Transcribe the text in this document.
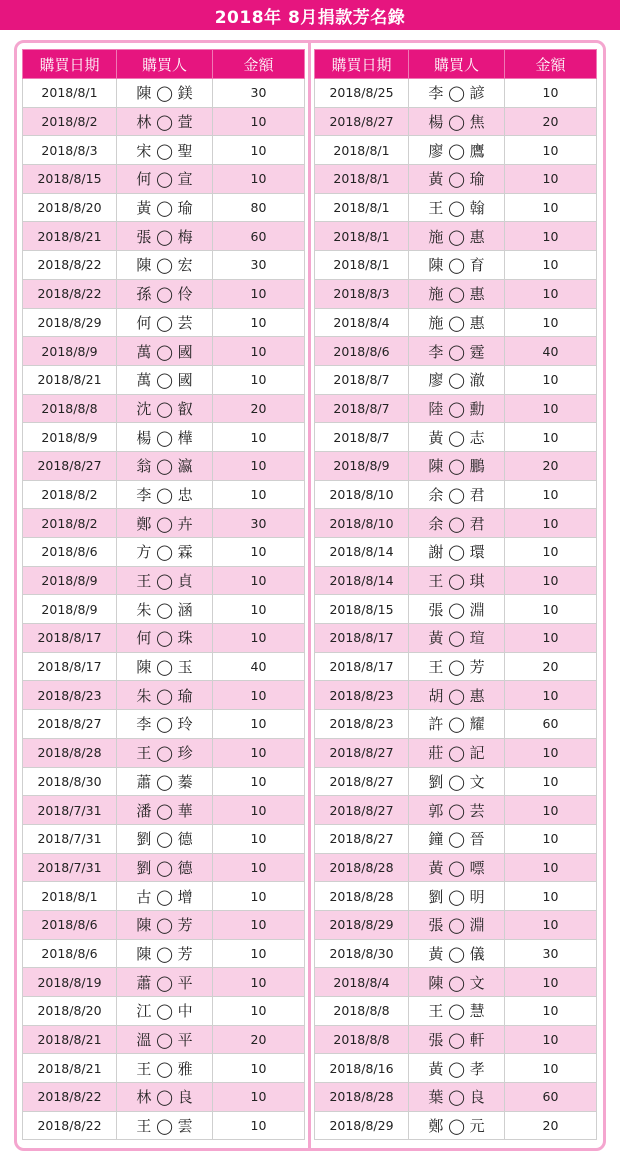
2018年 8月捐款芳名錄
購買日期	購買人	金額
2018/8/1	陳 ◯ 鎂	30
2018/8/2	林 ◯ 萱	10
2018/8/3	宋 ◯ 聖	10
2018/8/15	何 ◯ 宣	10
2018/8/20	黃 ◯ 瑜	80
2018/8/21	張 ◯ 梅	60
2018/8/22	陳 ◯ 宏	30
2018/8/22	孫 ◯ 伶	10
2018/8/29	何 ◯ 芸	10
2018/8/9	萬 ◯ 國	10
2018/8/21	萬 ◯ 國	10
2018/8/8	沈 ◯ 叡	20
2018/8/9	楊 ◯ 樺	10
2018/8/27	翁 ◯ 瀛	10
2018/8/2	李 ◯ 忠	10
2018/8/2	鄭 ◯ 卉	30
2018/8/6	方 ◯ 霖	10
2018/8/9	王 ◯ 貞	10
2018/8/9	朱 ◯ 涵	10
2018/8/17	何 ◯ 珠	10
2018/8/17	陳 ◯ 玉	40
2018/8/23	朱 ◯ 瑜	10
2018/8/27	李 ◯ 玲	10
2018/8/28	王 ◯ 珍	10
2018/8/30	蕭 ◯ 蓁	10
2018/7/31	潘 ◯ 華	10
2018/7/31	劉 ◯ 德	10
2018/7/31	劉 ◯ 德	10
2018/8/1	古 ◯ 增	10
2018/8/6	陳 ◯ 芳	10
2018/8/6	陳 ◯ 芳	10
2018/8/19	蕭 ◯ 平	10
2018/8/20	江 ◯ 中	10
2018/8/21	溫 ◯ 平	20
2018/8/21	王 ◯ 雅	10
2018/8/22	林 ◯ 良	10
2018/8/22	王 ◯ 雲	10
購買日期	購買人	金額
2018/8/25	李 ◯ 諺	10
2018/8/27	楊 ◯ 焦	20
2018/8/1	廖 ◯ 鷹	10
2018/8/1	黃 ◯ 瑜	10
2018/8/1	王 ◯ 翰	10
2018/8/1	施 ◯ 惠	10
2018/8/1	陳 ◯ 育	10
2018/8/3	施 ◯ 惠	10
2018/8/4	施 ◯ 惠	10
2018/8/6	李 ◯ 霆	40
2018/8/7	廖 ◯ 澈	10
2018/8/7	陸 ◯ 勳	10
2018/8/7	黃 ◯ 志	10
2018/8/9	陳 ◯ 鵬	20
2018/8/10	余 ◯ 君	10
2018/8/10	余 ◯ 君	10
2018/8/14	謝 ◯ 環	10
2018/8/14	王 ◯ 琪	10
2018/8/15	張 ◯ 淵	10
2018/8/17	黃 ◯ 瑄	10
2018/8/17	王 ◯ 芳	20
2018/8/23	胡 ◯ 惠	10
2018/8/23	許 ◯ 耀	60
2018/8/27	莊 ◯ 記	10
2018/8/27	劉 ◯ 文	10
2018/8/27	郭 ◯ 芸	10
2018/8/27	鐘 ◯ 晉	10
2018/8/28	黃 ◯ 嘌	10
2018/8/28	劉 ◯ 明	10
2018/8/29	張 ◯ 淵	10
2018/8/30	黃 ◯ 儀	30
2018/8/4	陳 ◯ 文	10
2018/8/8	王 ◯ 慧	10
2018/8/8	張 ◯ 軒	10
2018/8/16	黃 ◯ 孝	10
2018/8/28	葉 ◯ 良	60
2018/8/29	鄭 ◯ 元	20
